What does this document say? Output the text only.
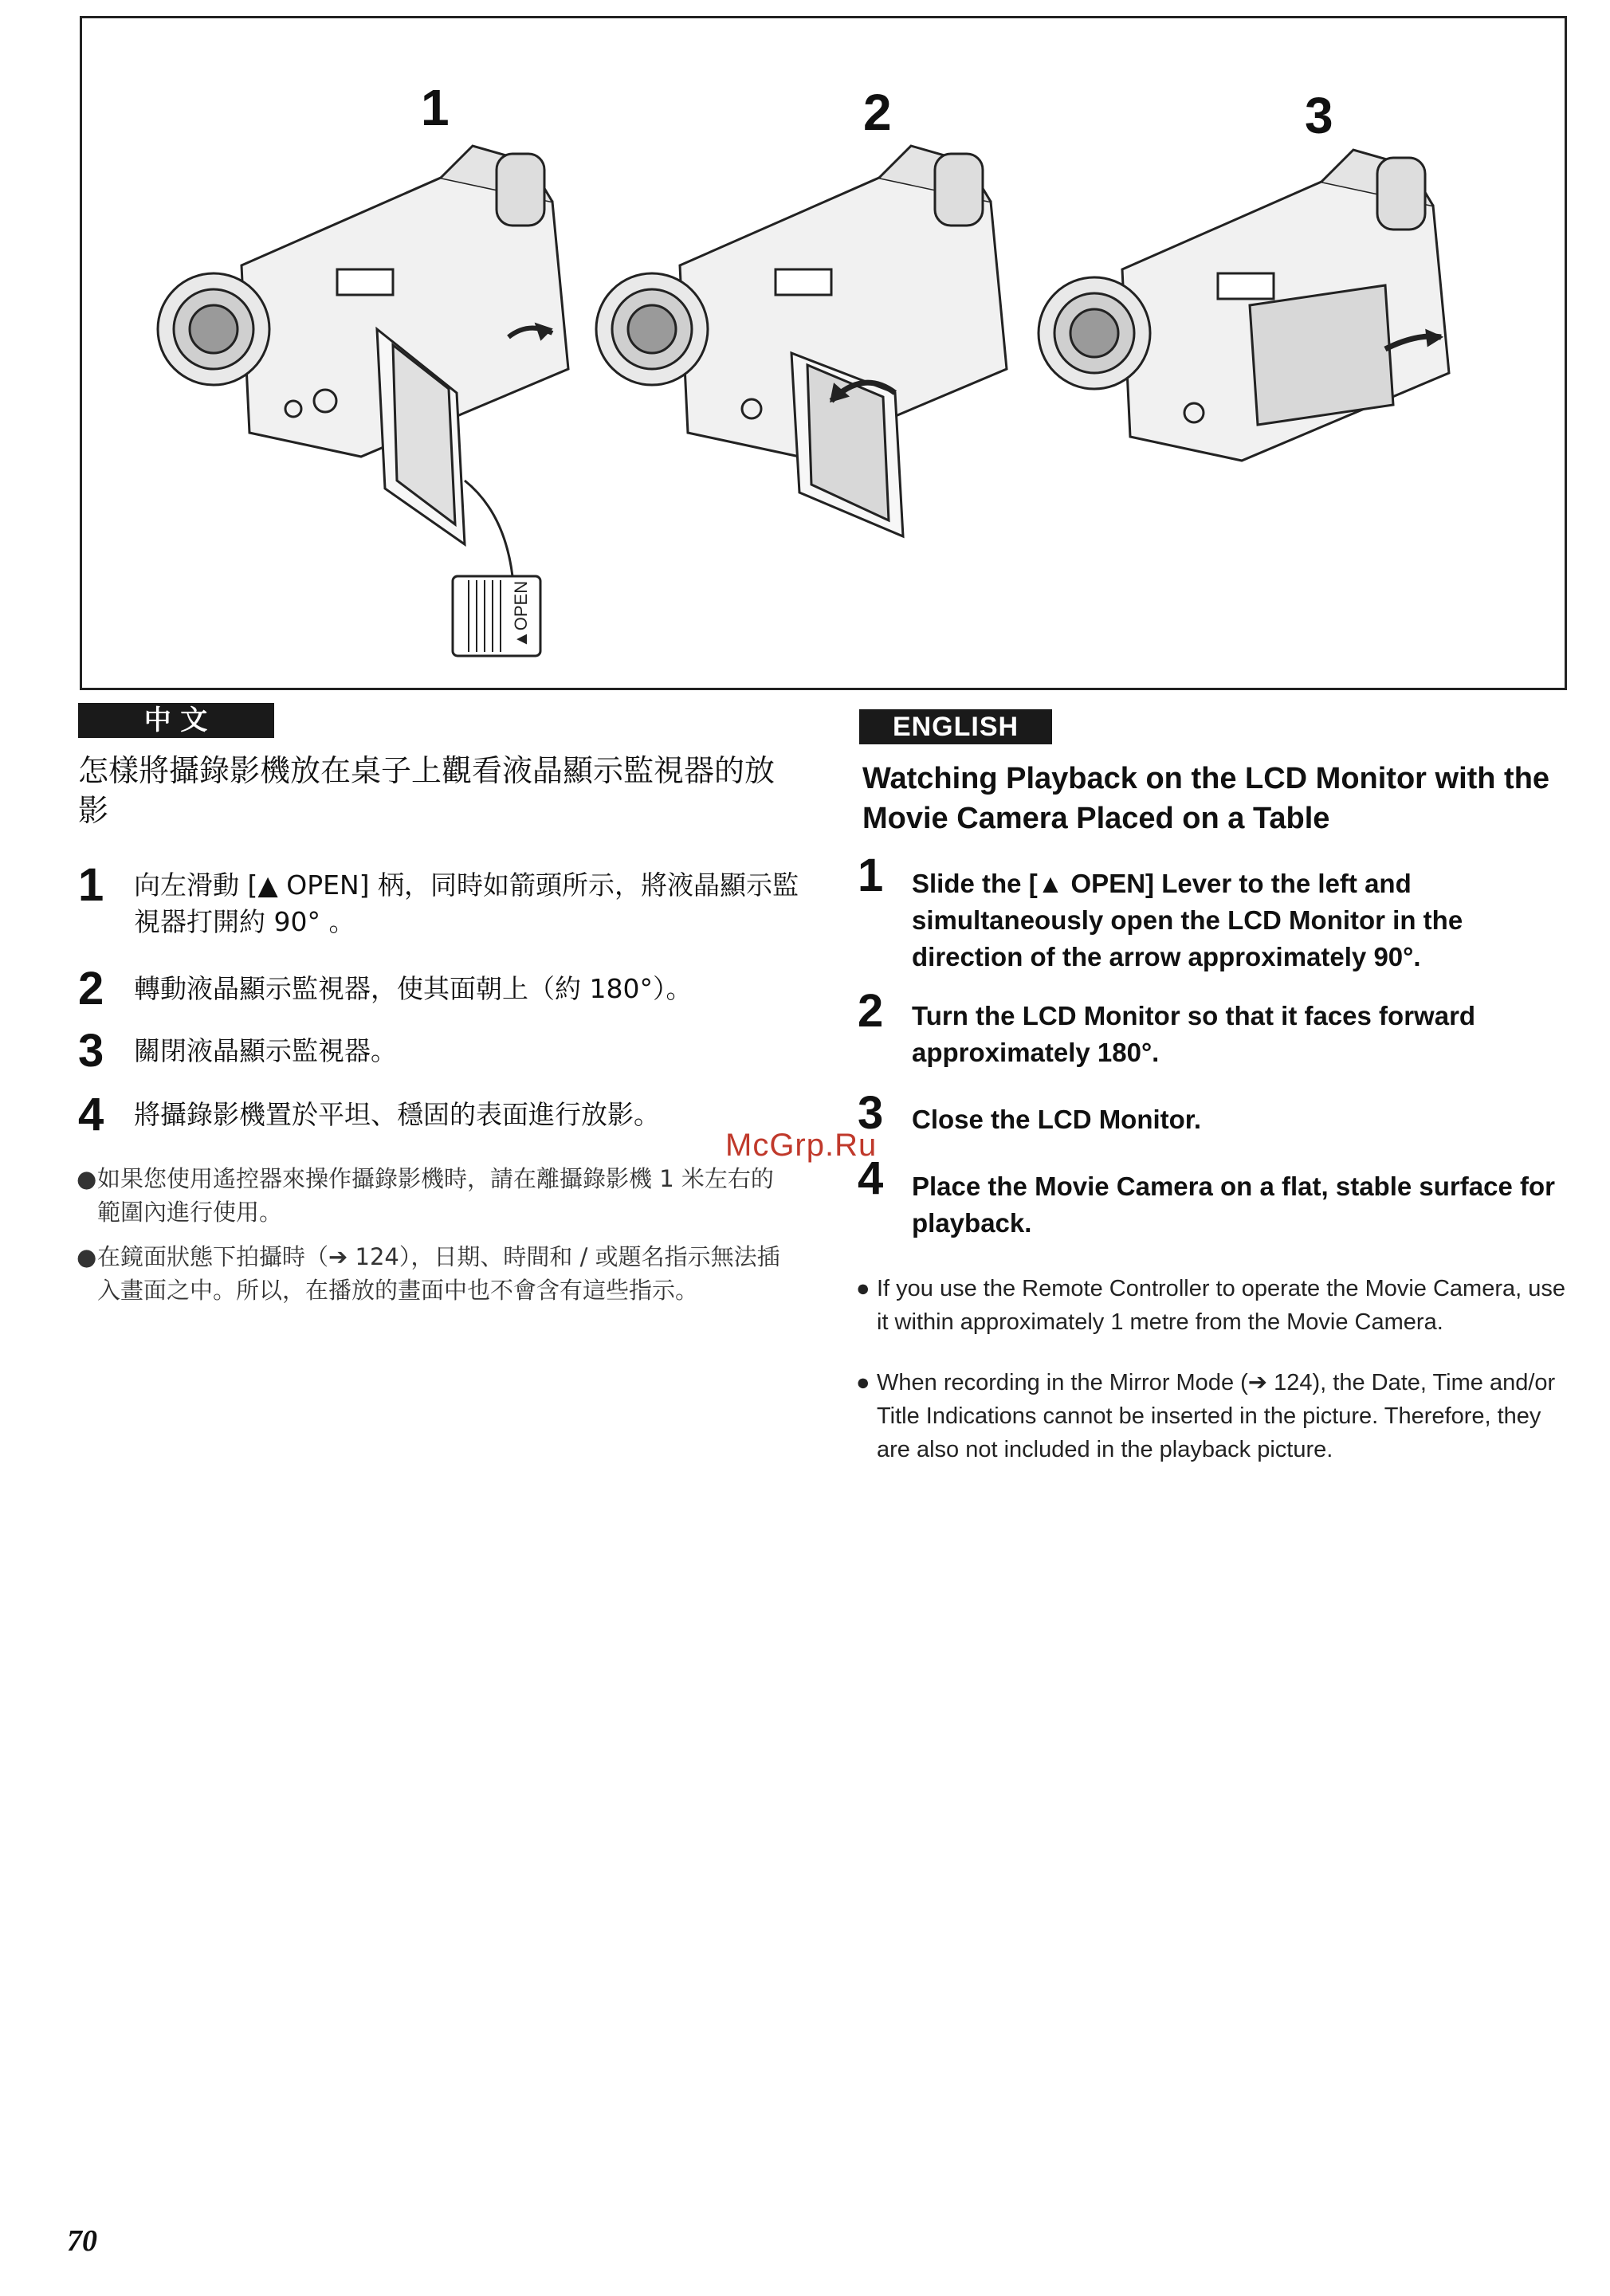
1	2	3
▲OPEN
中 文
怎樣將攝錄影機放在桌子上觀看液晶顯示監視器的放影
1 向左滑動 [▲ OPEN] 柄，同時如箭頭所示，將液晶顯示監視器打開約 90° 。
2 轉動液晶顯示監視器，使其面朝上（約 180°）。
3 關閉液晶顯示監視器。
4 將攝錄影機置於平坦、穩固的表面進行放影。
● 如果您使用遙控器來操作攝錄影機時，請在離攝錄影機 1 米左右的範圍內進行使用。
● 在鏡面狀態下拍攝時（➔ 124），日期、時間和 / 或題名指示無法插入畫面之中。所以，在播放的畫面中也不會含有這些指示。
ENGLISH
Watching Playback on the LCD Monitor with the Movie Camera Placed on a Table
1 Slide the [▲ OPEN] Lever to the left and simultaneously open the LCD Monitor in the direction of the arrow approximately 90°.
2 Turn the LCD Monitor so that it faces forward approximately 180°.
3 Close the LCD Monitor.
4 Place the Movie Camera on a flat, stable surface for playback.
● If you use the Remote Controller to operate the Movie Camera, use it within approximately 1 metre from the Movie Camera.
● When recording in the Mirror Mode (➔ 124), the Date, Time and/or Title Indications cannot be inserted in the picture. Therefore, they are also not included in the playback picture.
McGrp.Ru
70
